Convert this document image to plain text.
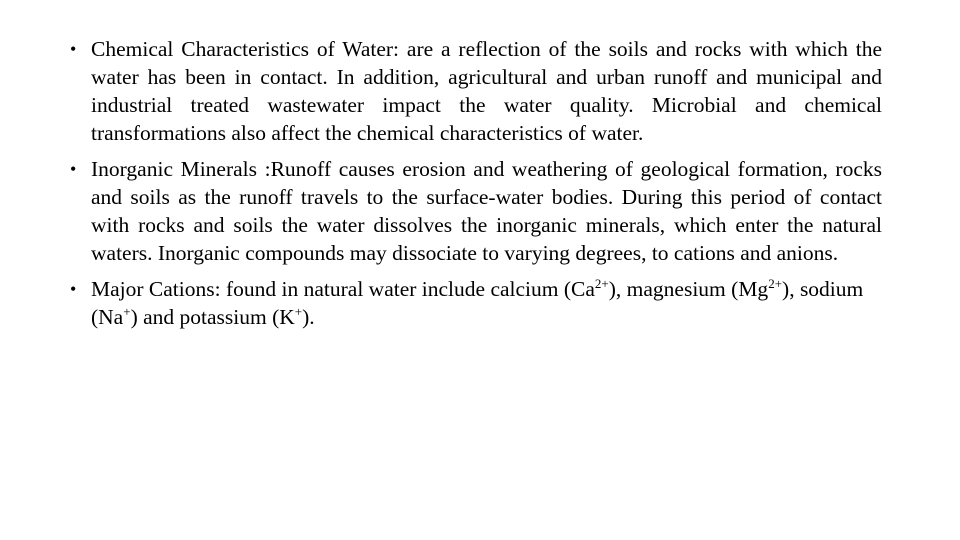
• Chemical Characteristics of Water: are a reflection of the soils and rocks with which the water has been in contact. In addition, agricultural and urban runoff and municipal and industrial treated wastewater impact the water quality. Microbial and chemical transformations also affect the chemical characteristics of water.
• Inorganic Minerals :Runoff causes erosion and weathering of geological formation, rocks and soils as the runoff travels to the surface-water bodies. During this period of contact with rocks and soils the water dissolves the inorganic minerals, which enter the natural waters. Inorganic compounds may dissociate to varying degrees, to cations and anions.
• Major Cations: found in natural water include calcium $(Ca^{2+})$, magnesium $(Mg^{2+})$, sodium (Na+) and potassium (K+).
